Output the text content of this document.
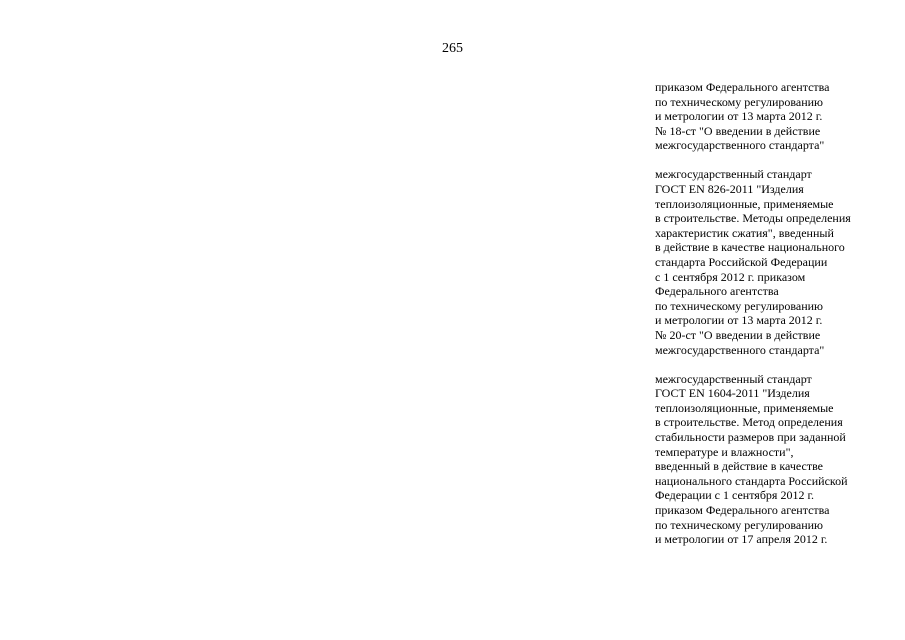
265
приказом Федерального агентства
по техническому регулированию
и метрологии от 13 марта 2012 г.
№ 18-ст "О введении в действие
межгосударственного стандарта"
межгосударственный стандарт
ГОСТ EN 826-2011 "Изделия
теплоизоляционные, применяемые
в строительстве. Методы определения
характеристик сжатия", введенный
в действие в качестве национального
стандарта Российской Федерации
с 1 сентября 2012 г. приказом
Федерального агентства
по техническому регулированию
и метрологии от 13 марта 2012 г.
№ 20-ст "О введении в действие
межгосударственного стандарта"
межгосударственный стандарт
ГОСТ EN 1604-2011 "Изделия
теплоизоляционные, применяемые
в строительстве. Метод определения
стабильности размеров при заданной
температуре и влажности",
введенный в действие в качестве
национального стандарта Российской
Федерации с 1 сентября 2012 г.
приказом Федерального агентства
по техническому регулированию
и метрологии от 17 апреля 2012 г.
